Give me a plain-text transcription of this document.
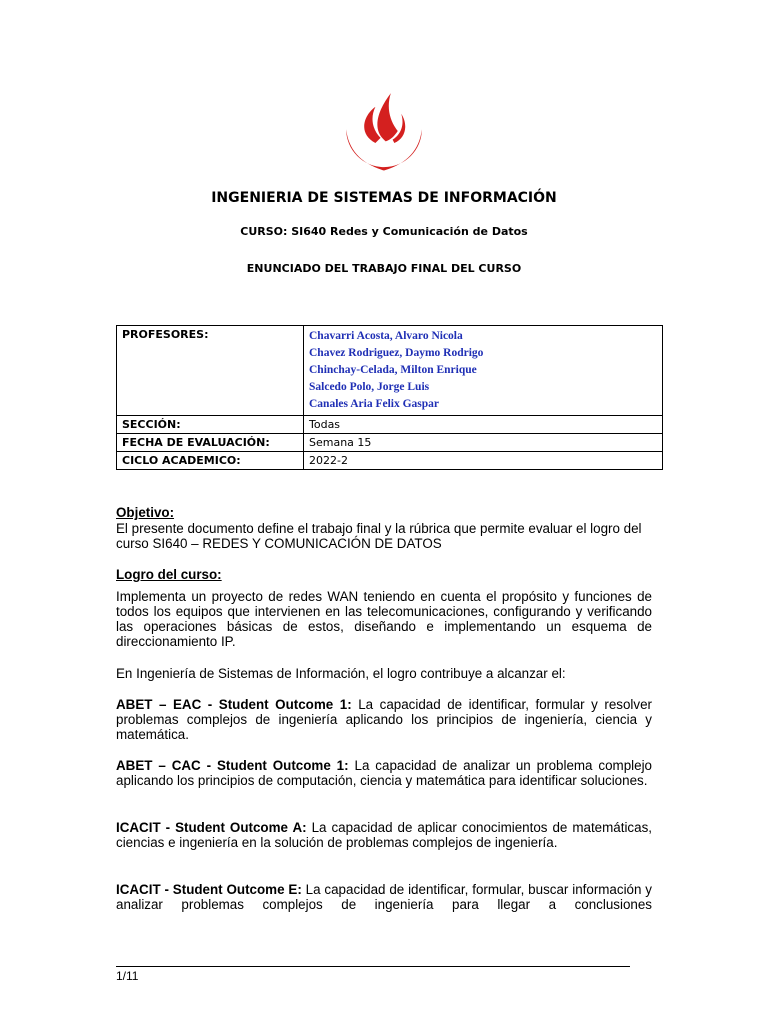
INGENIERIA DE SISTEMAS DE INFORMACIÓN
CURSO: SI640 Redes y Comunicación de Datos
ENUNCIADO DEL TRABAJO FINAL DEL CURSO
PROFESORES:	Chavarri Acosta, Alvaro Nicola
Chavez Rodriguez, Daymo Rodrigo
Chinchay-Celada, Milton Enrique
Salcedo Polo, Jorge Luis
Canales Aria Felix Gaspar

SECCIÓN:	Todas
FECHA DE EVALUACIÓN:	Semana 15
CICLO ACADEMICO:	2022-2
Objetivo:
El presente documento define el trabajo final y la rúbrica que permite evaluar el logro del curso SI640 – REDES Y COMUNICACIÓN DE DATOS
Logro del curso:
Implementa un proyecto de redes WAN teniendo en cuenta el propósito y funciones de todos los equipos que intervienen en las telecomunicaciones, configurando y verificando las operaciones básicas de estos, diseñando e implementando un esquema de direccionamiento IP.
En Ingeniería de Sistemas de Información, el logro contribuye a alcanzar el:
ABET – EAC - Student Outcome 1: La capacidad de identificar, formular y resolver problemas complejos de ingeniería aplicando los principios de ingeniería, ciencia y matemática.
ABET – CAC - Student Outcome 1: La capacidad de analizar un problema complejo aplicando los principios de computación, ciencia y matemática para identificar soluciones.
ICACIT - Student Outcome A: La capacidad de aplicar conocimientos de matemáticas, ciencias e ingeniería en la solución de problemas complejos de ingeniería.
ICACIT - Student Outcome E: La capacidad de identificar, formular, buscar información y analizar problemas complejos de ingeniería para llegar a conclusiones
1/11
